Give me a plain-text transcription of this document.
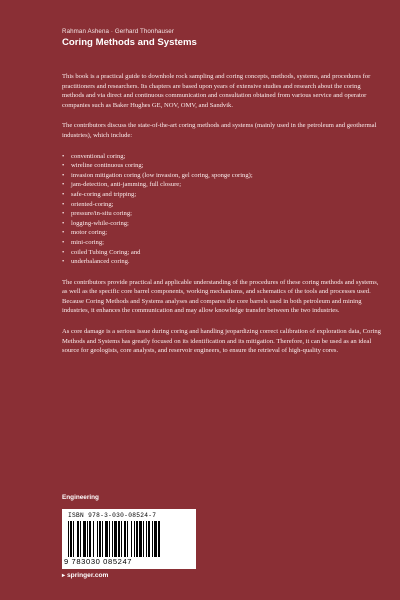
Rahman Ashena · Gerhard Thonhauser
Coring Methods and Systems

This book is a practical guide to downhole rock sampling and coring concepts, methods, systems, and procedures for practitioners and researchers. Its chapters are based upon years of extensive studies and research about the coring methods and via direct and continuous communication and consultation obtained from various service and operator companies such as Baker Hughes GE, NOV, OMV, and Sandvik.

The contributors discuss the state-of-the-art coring methods and systems (mainly used in the petroleum and geothermal industries), which include:

• conventional coring;
• wireline continuous coring;
• invasion mitigation coring (low invasion, gel coring, sponge coring);
• jam-detection, anti-jamming, full closure;
• safe-coring and tripping;
• oriented-coring;
• pressure/in-situ coring;
• logging-while-coring;
• motor coring;
• mini-coring;
• coiled Tubing Coring; and
• underbalanced coring.

The contributors provide practical and applicable understanding of the procedures of these coring methods and systems, as well as the specific core barrel components, working mechanisms, and schematics of the tools and processes used. Because Coring Methods and Systems analyses and compares the core barrels used in both petroleum and mining industries, it enhances the communication and may allow knowledge transfer between the two industries.

As core damage is a serious issue during coring and handling jeopardizing correct calibration of exploration data, Coring Methods and Systems has greatly focused on its identification and its mitigation. Therefore, it can be used as an ideal source for geologists, core analysts, and reservoir engineers, to ensure the retrieval of high-quality cores.

Engineering
ISBN 978-3-030-08524-7
9 783030 085247
▸ springer.com
